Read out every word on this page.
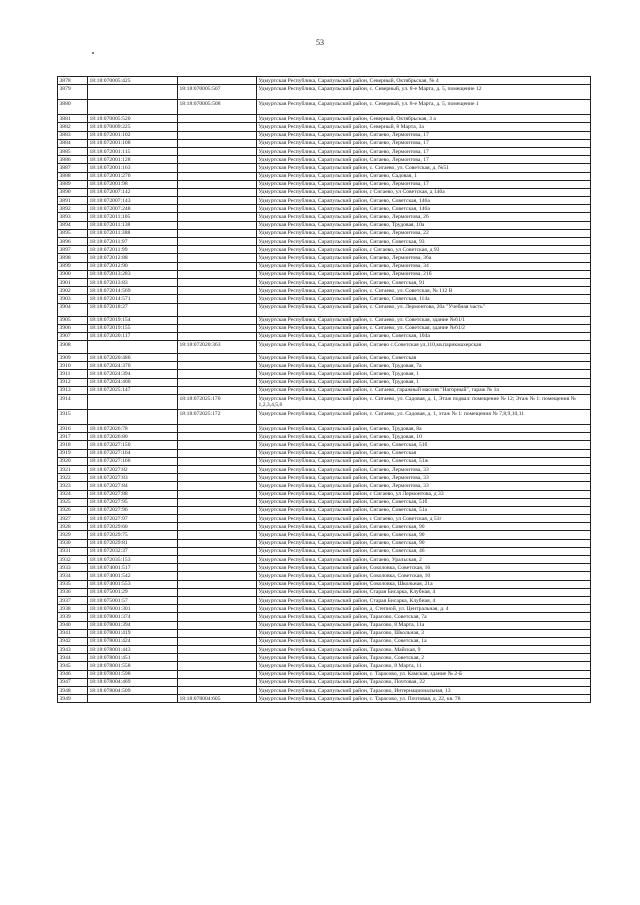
53
3878	18:18:070005:425		Удмуртская Республика, Сарапульский район, Северный, Октябрьская, № 4
3879		18:18:070005:507	Удмуртская Республика, Сарапульский район, с. Северный, ул. 8-е Марта, д. 5, помещение 12
3880		18:18:070005:508	Удмуртская Республика, Сарапульский район, с. Северный, ул. 8-е Марта, д. 5, помещение 1
3881	18:18:070005:520		Удмуртская Республика, Сарапульский район, Северный, Октябрьская, 3 а
3882	18:18:070009:225		Удмуртская Республика, Сарапульский район, Северный, 8 Марта, 3а
3883	18:18:072001:102		Удмуртская Республика, Сарапульский район, Сигаево, Лермонтова, 17
3884	18:18:072001:108		Удмуртская Республика, Сарапульский район, Сигаево, Лермонтова, 17
3885	18:18:072001:115		Удмуртская Республика, Сарапульский район, Сигаево, Лермонтова, 17
3886	18:18:072001:128		Удмуртская Республика, Сарапульский район, Сигаево, Лермонтова, 17
3887	18:18:072001:163		Удмуртская Республика, Сарапульский район, с. Сигаево, ул. Советская, д. №51
3888	18:18:072001:270		Удмуртская Республика, Сарапульский район, Сигаево, Садовая, 1
3889	18:18:072001:98		Удмуртская Республика, Сарапульский район, Сигаево, Лермонтова, 17
3890	18:18:072007:142		Удмуртская Республика, Сарапульский район, с Сигаево, ул Советская, д 146а
3891	18:18:072007:143		Удмуртская Республика, Сарапульский район, Сигаево, Советская, 146а
3892	18:18:072007:248		Удмуртская Республика, Сарапульский район, Сигаево, Советская, 146а
3893	18:18:072011:105		Удмуртская Республика, Сарапульский район, Сигаево, Лермонтова, 26
3894	18:18:072011:138		Удмуртская Республика, Сарапульский район, Сигаево, Трудовая, 10а
3895	18:18:072011:388		Удмуртская Республика, Сарапульский район, Сигаево, Лермонтова, 22
3896	18:18:072011:97		Удмуртская Республика, Сарапульский район, Сигаево, Советская, 93
3897	18:18:072011:99		Удмуртская Республика, Сарапульский район, с Сигаево, ул Советская, д 93
3898	18:18:072012:88		Удмуртская Республика, Сарапульский район, Сигаево, Лермонтова, 36а
3899	18:18:072012:90		Удмуртская Республика, Сарапульский район, Сигаево, Лермонтова, 34
3900	18:18:072013:283		Удмуртская Республика, Сарапульский район, Сигаево, Лермонтова, 21б
3901	18:18:072013:83		Удмуртская Республика, Сарапульский район, Сигаево, Советская, 91
3902	18:18:072014:569		Удмуртская Республика, Сарапульский район, с. Сигаево, ул. Советская, № 112 В
3903	18:18:072014:571		Удмуртская Республика, Сарапульский район, Сигаево, Советская, 114а
3904	18:18:072018:27		Удмуртская Республика, Сарапульский район, с. Сигаево, ул. Лермонтова, 26а "Учебная часть"
3905	18:18:072019:154		Удмуртская Республика, Сарапульский район, с. Сигаево, ул. Советская, здание №61/1
3906	18:18:072019:155		Удмуртская Республика, Сарапульский район, с. Сигаево, ул. Советская, здание №61/2
3907	18:18:072020:117		Удмуртская Республика, Сарапульский район, Сигаево, Советская, 104а
3908		18:18:072020:363	Удмуртская Республика, Сарапульский район, Сигаево с.Советская ул,110,кв.парикмахерская
3909	18:18:072020:486		Удмуртская Республика, Сарапульский район, Сигаево, Советская
3910	18:18:072024:370		Удмуртская Республика, Сарапульский район, Сигаево, Трудовая, 7а
3911	18:18:072024:394		Удмуртская Республика, Сарапульский район, Сигаево, Трудовая, 1
3912	18:18:072024:400		Удмуртская Республика, Сарапульский район, Сигаево, Трудовая, 1
3913	18:18:072025:147		Удмуртская Республика, Сарапульский район, с. Сигаево, гаражный массив "Нагорный", гараж № 1а
3914		18:18:072025:170	Удмуртская Республика, Сарапульский район, с. Сигаево, ул. Садовая, д. 1, Этаж подвал: помещение № 12; Этаж № 1: помещения № 1,2,3,4,5,6
3915		18:18:072025:172	Удмуртская Республика, Сарапульский район, с. Сигаево, ул. Садовая, д. 1, этаж № 1: помещения № 7,8,9,10,11
3916	18:18:072026:78		Удмуртская Республика, Сарапульский район, Сигаево, Трудовая, 8а
3917	18:18:072026:80		Удмуртская Республика, Сарапульский район, Сигаево, Трудовая, 10
3918	18:18:072027:150		Удмуртская Республика, Сарапульский район, Сигаево, Советская, 51б
3919	18:18:072027:164		Удмуртская Республика, Сарапульский район, Сигаево, Советская
3920	18:18:072027:166		Удмуртская Республика, Сарапульский район, Сигаево, Советская, 51ж
3921	18:18:072027:82		Удмуртская Республика, Сарапульский район, Сигаево, Лермонтова, 33
3922	18:18:072027:83		Удмуртская Республика, Сарапульский район, Сигаево, Лермонтова, 33
3923	18:18:072027:84		Удмуртская Республика, Сарапульский район, Сигаево, Лермонтова, 33
3924	18:18:072027:88		Удмуртская Республика, Сарапульский район, с Сигаево, ул Лермонтова, д 33
3925	18:18:072027:95		Удмуртская Республика, Сарапульский район, Сигаево, Советская, 51б
3926	18:18:072027:96		Удмуртская Республика, Сарапульский район, Сигаево, Советская, 51а
3927	18:18:072027:97		Удмуртская Республика, Сарапульский район, с Сигаево, ул Советская, д 51г
3928	18:18:072029:60		Удмуртская Республика, Сарапульский район, Сигаево, Советская, 90
3929	18:18:072029:75		Удмуртская Республика, Сарапульский район, Сигаево, Советская, 90
3930	18:18:072029:81		Удмуртская Республика, Сарапульский район, Сигаево, Советская, 90
3931	18:18:072032:37		Удмуртская Республика, Сарапульский район, Сигаево, Советская, 46
3932	18:18:072035:153		Удмуртская Республика, Сарапульский район, Сигаево, Уральская, 2
3933	18:18:074001:517		Удмуртская Республика, Сарапульский район, Соколовка, Советская, 16
3934	18:18:074001:542		Удмуртская Республика, Сарапульский район, Соколовка, Советская, 10
3935	18:18:074001:553		Удмуртская Республика, Сарапульский район, Соколовка, Школьная, 21а
3936	18:18:075001:29		Удмуртская Республика, Сарапульский район, Старая Бисарка, Клубная, 4
3937	18:18:075001:57		Удмуртская Республика, Сарапульский район, Старая Бисарка, Клубная, 4
3938	18:18:076001:301		Удмуртская Республика, Сарапульский район, д. Степной, ул. Центральная, д. 4
3939	18:18:078001:374		Удмуртская Республика, Сарапульский район, Тарасово, Советская, 7а
3940	18:18:078001:394		Удмуртская Республика, Сарапульский район, Тарасово, 8 Марта, 11а
3941	18:18:078001:419		Удмуртская Республика, Сарапульский район, Тарасово, Школьная, 3
3942	18:18:078001:424		Удмуртская Республика, Сарапульский район, Тарасово, Советская, 1а
3943	18:18:078001:443		Удмуртская Республика, Сарапульский район, Тарасово, Майская, 9
3944	18:18:078001:451		Удмуртская Республика, Сарапульский район, Тарасово, Советская, 2
3945	18:18:078001:558		Удмуртская Республика, Сарапульский район, Тарасово, 8 Марта, 11
3946	18:18:078001:598		Удмуртская Республика, Сарапульский район, с. Тарасово, ул. Камская, здание № 2-Б
3947	18:18:078004:469		Удмуртская Республика, Сарапульский район, Тарасово, Почтовая, 22
3948	18:18:078004:509		Удмуртская Республика, Сарапульский район, Тарасово, Интернациональная, 13
3949		18:18:078004:605	Удмуртская Республика, Сарапульский район, с. Тарасово, ул. Почтовая, д. 22, кв. 78
